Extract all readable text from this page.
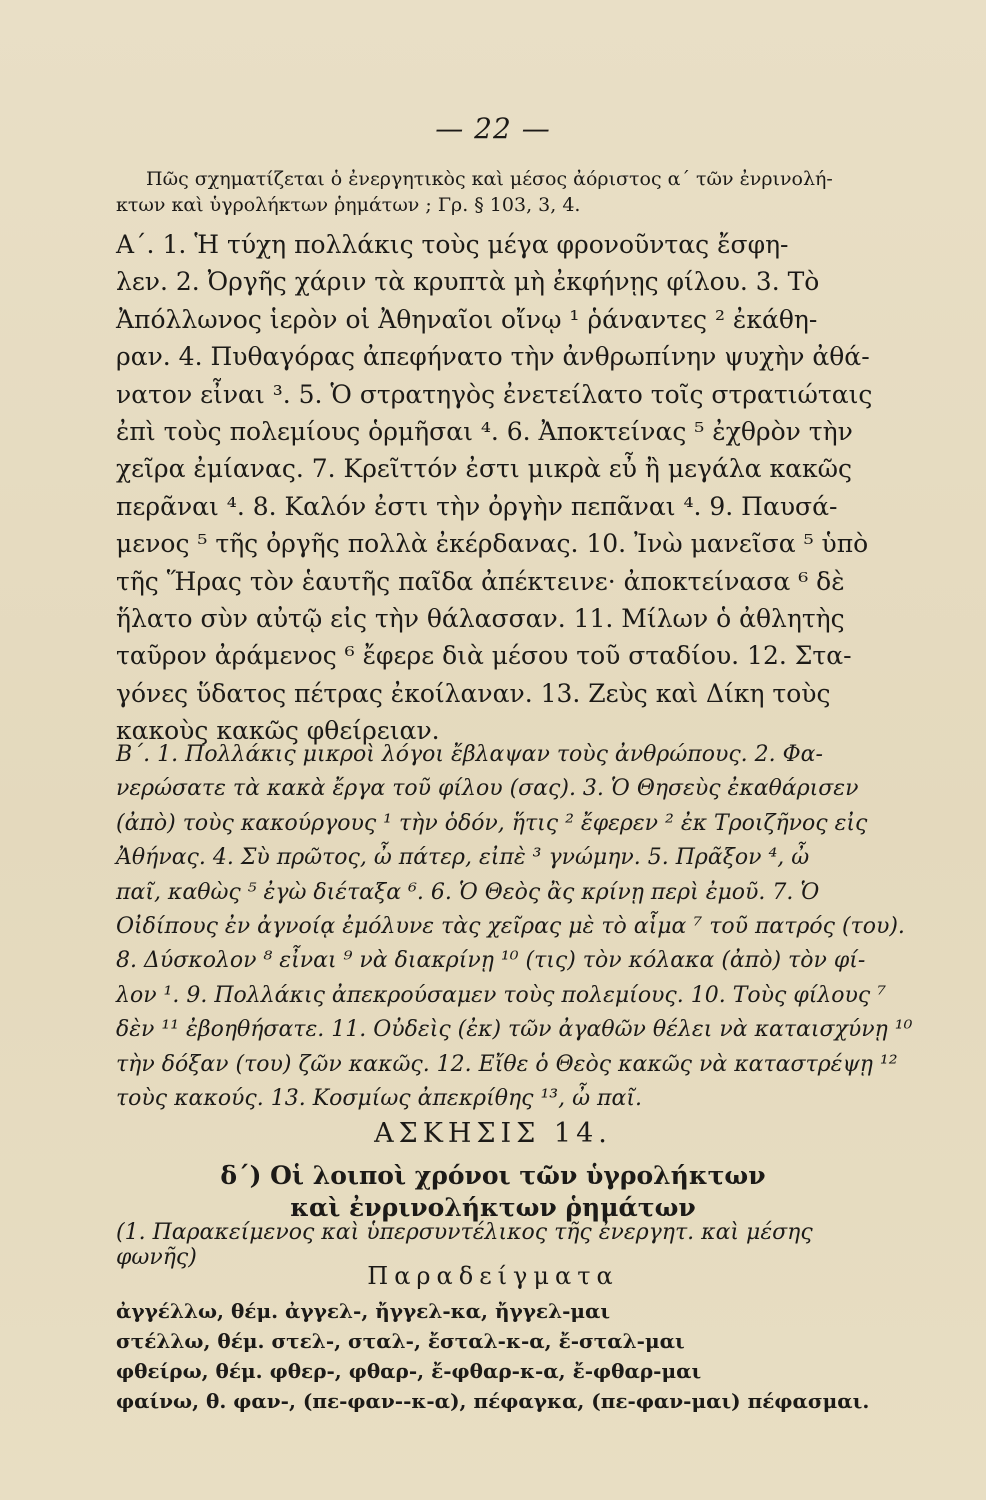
— 22 —
Πῶς σχηματίζεται ὁ ἐνεργητικὸς καὶ μέσος ἀόριστος α΄ τῶν ἐνρινολή-
κτων καὶ ὑγρολήκτων ῥημάτων ; Γρ. § 103, 3, 4.
Α΄. 1. Ἡ τύχη πολλάκις τοὺς μέγα φρονοῦντας ἔσφη-
λεν. 2. Ὀργῆς χάριν τὰ κρυπτὰ μὴ ἐκφήνῃς φίλου. 3. Τὸ
Ἀπόλλωνος ἱερὸν οἱ Ἀθηναῖοι οἴνῳ ¹ ῥάναντες ² ἐκάθη-
ραν. 4. Πυθαγόρας ἀπεφήνατο τὴν ἀνθρωπίνην ψυχὴν ἀθά-
νατον εἶναι ³. 5. Ὁ στρατηγὸς ἐνετείλατο τοῖς στρατιώταις
ἐπὶ τοὺς πολεμίους ὁρμῆσαι ⁴. 6. Ἀποκτείνας ⁵ ἐχθρὸν τὴν
χεῖρα ἐμίανας. 7. Κρεῖττόν ἐστι μικρὰ εὖ ἢ μεγάλα κακῶς
περᾶναι ⁴. 8. Καλόν ἐστι τὴν ὀργὴν πεπᾶναι ⁴. 9. Παυσά-
μενος ⁵ τῆς ὀργῆς πολλὰ ἐκέρδανας. 10. Ἰνὼ μανεῖσα ⁵ ὑπὸ
τῆς Ἥρας τὸν ἑαυτῆς παῖδα ἀπέκτεινε· ἀποκτείνασα ⁶ δὲ
ἥλατο σὺν αὐτῷ εἰς τὴν θάλασσαν. 11. Μίλων ὁ ἀθλητὴς
ταῦρον ἀράμενος ⁶ ἔφερε διὰ μέσου τοῦ σταδίου. 12. Στα-
γόνες ὕδατος πέτρας ἐκοίλαναν. 13. Ζεὺς καὶ Δίκη τοὺς
κακοὺς κακῶς φθείρειαν.
Β΄. 1. Πολλάκις μικροὶ λόγοι ἔβλαψαν τοὺς ἀνθρώπους. 2. Φα-
νερώσατε τὰ κακὰ ἔργα τοῦ φίλου (σας). 3. Ὁ Θησεὺς ἐκαθάρισεν
(ἀπὸ) τοὺς κακούργους ¹ τὴν ὁδόν, ἥτις ² ἔφερεν ² ἐκ Τροιζῆνος εἰς
Ἀθήνας. 4. Σὺ πρῶτος, ὦ πάτερ, εἰπὲ ³ γνώμην. 5. Πρᾶξον ⁴, ὦ
παῖ, καθὼς ⁵ ἐγὼ διέταξα ⁶. 6. Ὁ Θεὸς ἂς κρίνῃ περὶ ἐμοῦ. 7. Ὁ
Οἰδίπους ἐν ἀγνοίᾳ ἐμόλυνε τὰς χεῖρας μὲ τὸ αἷμα ⁷ τοῦ πατρός (του).
8. Δύσκολον ⁸ εἶναι ⁹ νὰ διακρίνῃ ¹⁰ (τις) τὸν κόλακα (ἀπὸ) τὸν φί-
λον ¹. 9. Πολλάκις ἀπεκρούσαμεν τοὺς πολεμίους. 10. Τοὺς φίλους ⁷
δὲν ¹¹ ἐβοηθήσατε. 11. Οὐδεὶς (ἐκ) τῶν ἀγαθῶν θέλει νὰ καταισχύνῃ ¹⁰
τὴν δόξαν (του) ζῶν κακῶς. 12. Εἴθε ὁ Θεὸς κακῶς νὰ καταστρέψῃ ¹²
τοὺς κακούς. 13. Κοσμίως ἀπεκρίθης ¹³, ὦ παῖ.
ΑΣΚΗΣΙΣ 14.
δ΄) Οἱ λοιποὶ χρόνοι τῶν ὑγρολήκτων
καὶ ἐνρινολήκτων ῥημάτων
(1. Παρακείμενος καὶ ὑπερσυντέλικος τῆς ἐνεργητ. καὶ μέσης φωνῆς)
Παραδείγματα
ἀγγέλλω, θέμ. ἀγγελ-, ἤγγελ-κα, ἤγγελ-μαι
στέλλω, θέμ. στελ-, σταλ-, ἔσταλ-κ-α, ἔ-σταλ-μαι
φθείρω, θέμ. φθερ-, φθαρ-, ἔ-φθαρ-κ-α, ἔ-φθαρ-μαι
φαίνω, θ. φαν-, (πε-φαν--κ-α), πέφαγκα, (πε-φαν-μαι) πέφασμαι.
